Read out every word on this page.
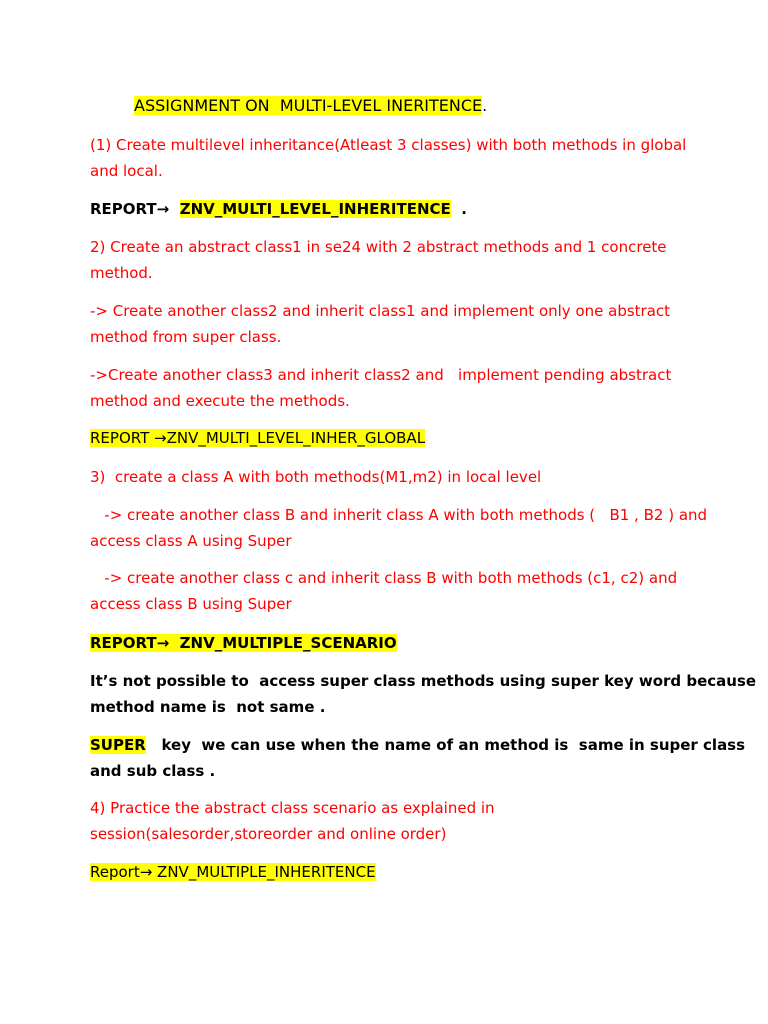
ASSIGNMENT ON  MULTI-LEVEL INERITENCE.
(1) Create multilevel inheritance(Atleast 3 classes) with both methods in global
and local.
REPORT→ ZNV_MULTI_LEVEL_INHERITENCE  .
2) Create an abstract class1 in se24 with 2 abstract methods and 1 concrete
method.
-> Create another class2 and inherit class1 and implement only one abstract
method from super class.
->Create another class3 and inherit class2 and   implement pending abstract
method and execute the methods.
REPORT →ZNV_MULTI_LEVEL_INHER_GLOBAL
3)  create a class A with both methods(M1,m2) in local level
-> create another class B and inherit class A with both methods (   B1 , B2 ) and
access class A using Super
-> create another class c and inherit class B with both methods (c1, c2) and
access class B using Super
REPORT→  ZNV_MULTIPLE_SCENARIO
It’s not possible to  access super class methods using super key word because
method name is  not same .
SUPER   key  we can use when the name of an method is  same in super class
and sub class .
4) Practice the abstract class scenario as explained in
session(salesorder,storeorder and online order)
Report→ ZNV_MULTIPLE_INHERITENCE
